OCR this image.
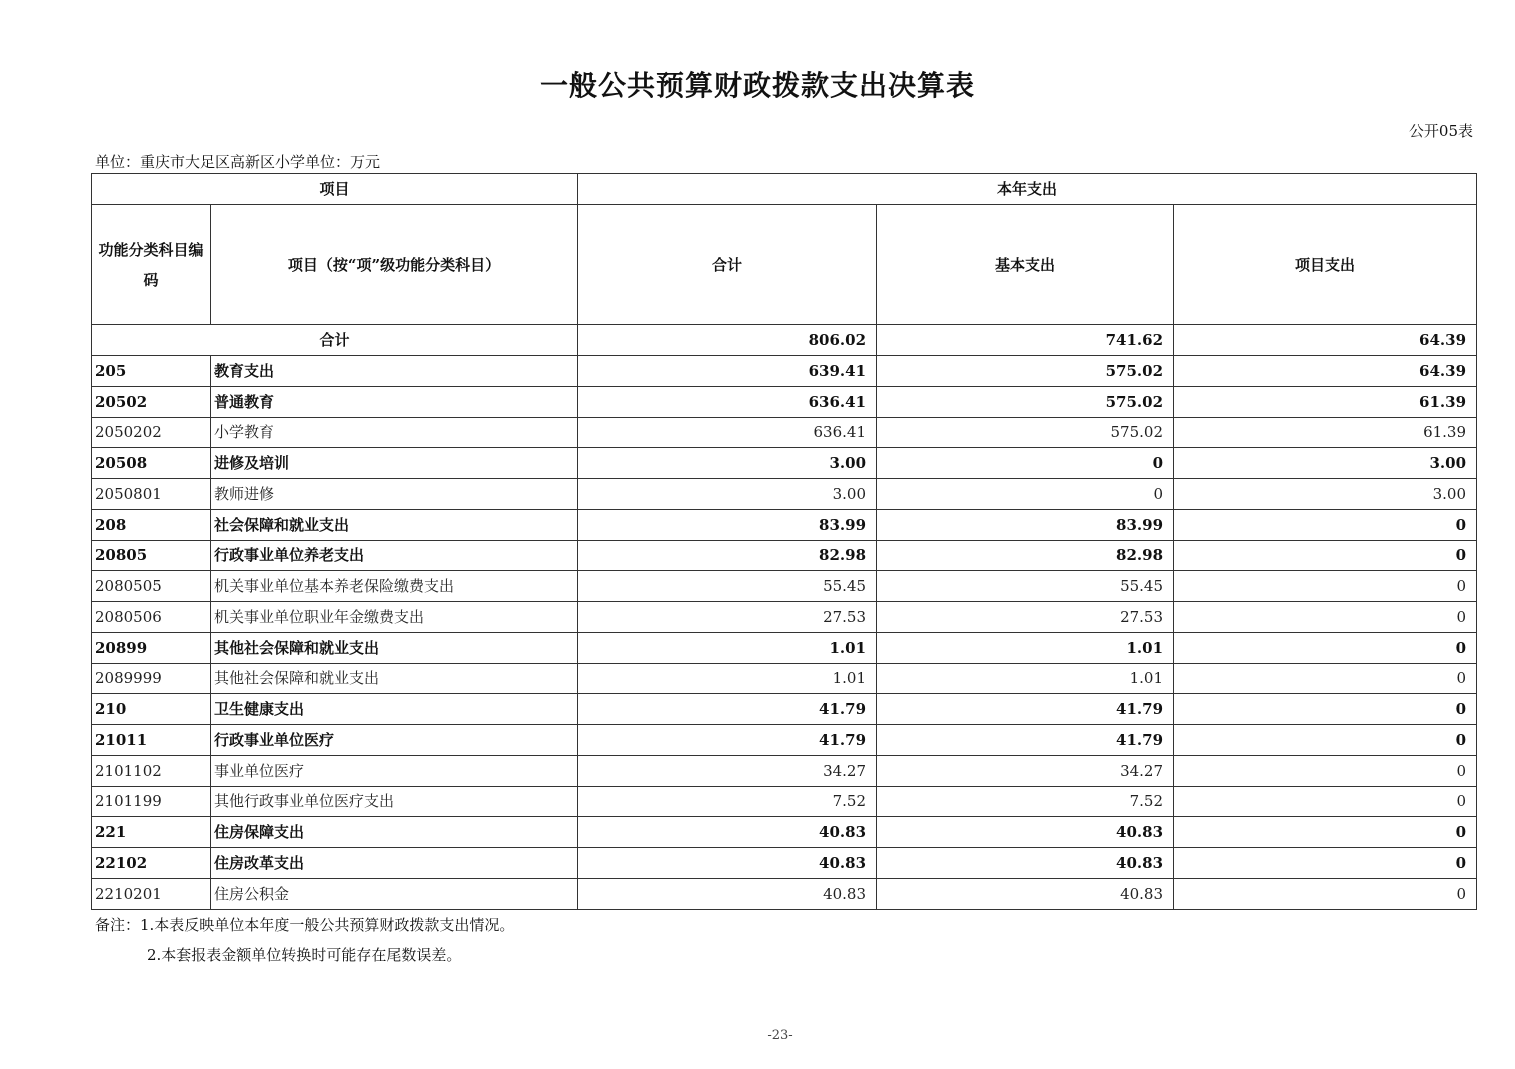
一般公共预算财政拨款支出决算表
公开05表
单位：重庆市大足区高新区小学单位：万元
项目		本年支出		
功能分类科目编码	项目（按“项”级功能分类科目）	合计	基本支出	项目支出
合计		806.02	741.62	64.39
205	教育支出	639.41	575.02	64.39
20502	普通教育	636.41	575.02	61.39
2050202	小学教育	636.41	575.02	61.39
20508	进修及培训	3.00	0	3.00
2050801	教师进修	3.00	0	3.00
208	社会保障和就业支出	83.99	83.99	0
20805	行政事业单位养老支出	82.98	82.98	0
2080505	机关事业单位基本养老保险缴费支出	55.45	55.45	0
2080506	机关事业单位职业年金缴费支出	27.53	27.53	0
20899	其他社会保障和就业支出	1.01	1.01	0
2089999	其他社会保障和就业支出	1.01	1.01	0
210	卫生健康支出	41.79	41.79	0
21011	行政事业单位医疗	41.79	41.79	0
2101102	事业单位医疗	34.27	34.27	0
2101199	其他行政事业单位医疗支出	7.52	7.52	0
221	住房保障支出	40.83	40.83	0
22102	住房改革支出	40.83	40.83	0
2210201	住房公积金	40.83	40.83	0
备注：1.本表反映单位本年度一般公共预算财政拨款支出情况。
2.本套报表金额单位转换时可能存在尾数误差。
-23-
